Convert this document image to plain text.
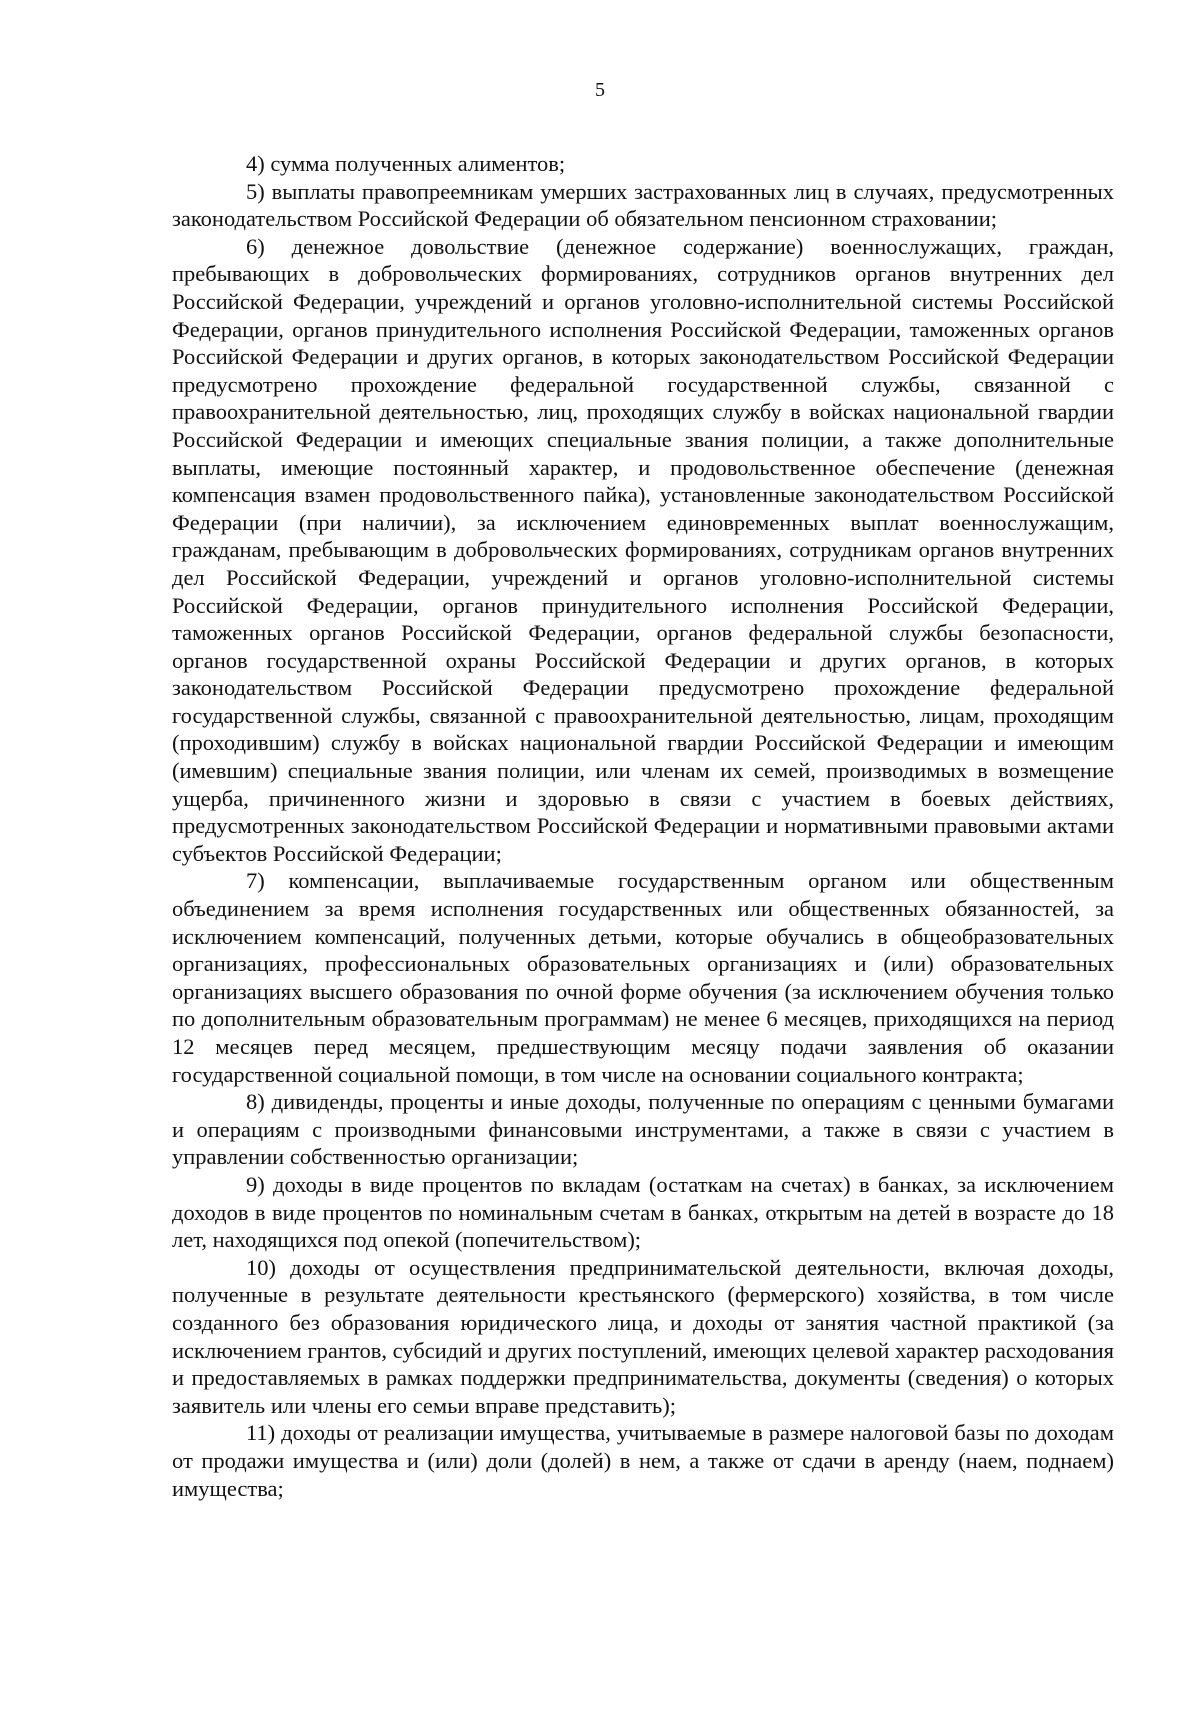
5

4) сумма полученных алиментов;

5) выплаты правопреемникам умерших застрахованных лиц в случаях, предусмотренных законодательством Российской Федерации об обязательном пенсионном страховании;

6) денежное довольствие (денежное содержание) военнослужащих, граждан, пребывающих в добровольческих формированиях, сотрудников органов внутренних дел Российской Федерации, учреждений и органов уголовно-исполнительной системы Российской Федерации, органов принудительного исполнения Российской Федерации, таможенных органов Российской Федерации и других органов, в которых законодательством Российской Федерации предусмотрено прохождение федеральной государственной службы, связанной с правоохранительной деятельностью, лиц, проходящих службу в войсках национальной гвардии Российской Федерации и имеющих специальные звания полиции, а также дополнительные выплаты, имеющие постоянный характер, и продовольственное обеспечение (денежная компенсация взамен продовольственного пайка), установленные законодательством Российской Федерации (при наличии), за исключением единовременных выплат военнослужащим, гражданам, пребывающим в добровольческих формированиях, сотрудникам органов внутренних дел Российской Федерации, учреждений и органов уголовно-исполнительной системы Российской Федерации, органов принудительного исполнения Российской Федерации, таможенных органов Российской Федерации, органов федеральной службы безопасности, органов государственной охраны Российской Федерации и других органов, в которых законодательством Российской Федерации предусмотрено прохождение федеральной государственной службы, связанной с правоохранительной деятельностью, лицам, проходящим (проходившим) службу в войсках национальной гвардии Российской Федерации и имеющим (имевшим) специальные звания полиции, или членам их семей, производимых в возмещение ущерба, причиненного жизни и здоровью в связи с участием в боевых действиях, предусмотренных законодательством Российской Федерации и нормативными правовыми актами субъектов Российской Федерации;

7) компенсации, выплачиваемые государственным органом или общественным объединением за время исполнения государственных или общественных обязанностей, за исключением компенсаций, полученных детьми, которые обучались в общеобразовательных организациях, профессиональных образовательных организациях и (или) образовательных организациях высшего образования по очной форме обучения (за исключением обучения только по дополнительным образовательным программам) не менее 6 месяцев, приходящихся на период 12 месяцев перед месяцем, предшествующим месяцу подачи заявления об оказании государственной социальной помощи, в том числе на основании социального контракта;

8) дивиденды, проценты и иные доходы, полученные по операциям с ценными бумагами и операциям с производными финансовыми инструментами, а также в связи с участием в управлении собственностью организации;

9) доходы в виде процентов по вкладам (остаткам на счетах) в банках, за исключением доходов в виде процентов по номинальным счетам в банках, открытым на детей в возрасте до 18 лет, находящихся под опекой (попечительством);

10) доходы от осуществления предпринимательской деятельности, включая доходы, полученные в результате деятельности крестьянского (фермерского) хозяйства, в том числе созданного без образования юридического лица, и доходы от занятия частной практикой (за исключением грантов, субсидий и других поступлений, имеющих целевой характер расходования и предоставляемых в рамках поддержки предпринимательства, документы (сведения) о которых заявитель или члены его семьи вправе представить);

11) доходы от реализации имущества, учитываемые в размере налоговой базы по доходам от продажи имущества и (или) доли (долей) в нем, а также от сдачи в аренду (наем, поднаем) имущества;
